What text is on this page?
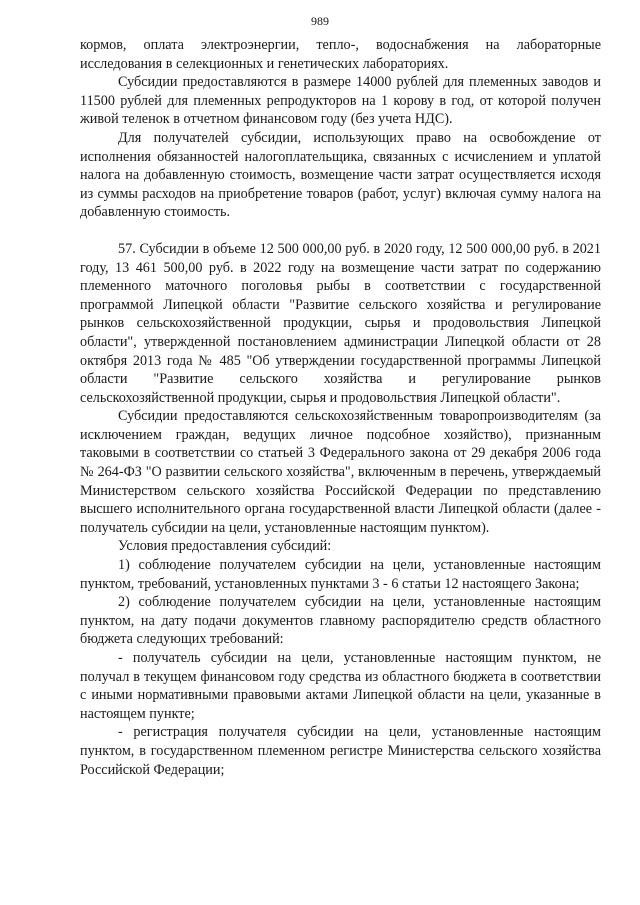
989

кормов, оплата электроэнергии, тепло-, водоснабжения на лабораторные исследования в селекционных и генетических лабораториях.

Субсидии предоставляются в размере 14000 рублей для племенных заводов и 11500 рублей для племенных репродукторов на 1 корову в год, от которой получен живой теленок в отчетном финансовом году (без учета НДС).

Для получателей субсидии, использующих право на освобождение от исполнения обязанностей налогоплательщика, связанных с исчислением и уплатой налога на добавленную стоимость, возмещение части затрат осуществляется исходя из суммы расходов на приобретение товаров (работ, услуг) включая сумму налога на добавленную стоимость.

57. Субсидии в объеме 12 500 000,00 руб. в 2020 году, 12 500 000,00 руб. в 2021 году, 13 461 500,00 руб. в 2022 году на возмещение части затрат по содержанию племенного маточного поголовья рыбы в соответствии с государственной программой Липецкой области "Развитие сельского хозяйства и регулирование рынков сельскохозяйственной продукции, сырья и продовольствия Липецкой области", утвержденной постановлением администрации Липецкой области от 28 октября 2013 года № 485 "Об утверждении государственной программы Липецкой области "Развитие сельского хозяйства и регулирование рынков сельскохозяйственной продукции, сырья и продовольствия Липецкой области".

Субсидии предоставляются сельскохозяйственным товаропроизводителям (за исключением граждан, ведущих личное подсобное хозяйство), признанным таковыми в соответствии со статьей 3 Федерального закона от 29 декабря 2006 года № 264-ФЗ "О развитии сельского хозяйства", включенным в перечень, утверждаемый Министерством сельского хозяйства Российской Федерации по представлению высшего исполнительного органа государственной власти Липецкой области (далее - получатель субсидии на цели, установленные настоящим пунктом).

Условия предоставления субсидий:

1) соблюдение получателем субсидии на цели, установленные настоящим пунктом, требований, установленных пунктами 3 - 6 статьи 12 настоящего Закона;

2) соблюдение получателем субсидии на цели, установленные настоящим пунктом, на дату подачи документов главному распорядителю средств областного бюджета следующих требований:

- получатель субсидии на цели, установленные настоящим пунктом, не получал в текущем финансовом году средства из областного бюджета в соответствии с иными нормативными правовыми актами Липецкой области на цели, указанные в настоящем пункте;

- регистрация получателя субсидии на цели, установленные настоящим пунктом, в государственном племенном регистре Министерства сельского хозяйства Российской Федерации;
